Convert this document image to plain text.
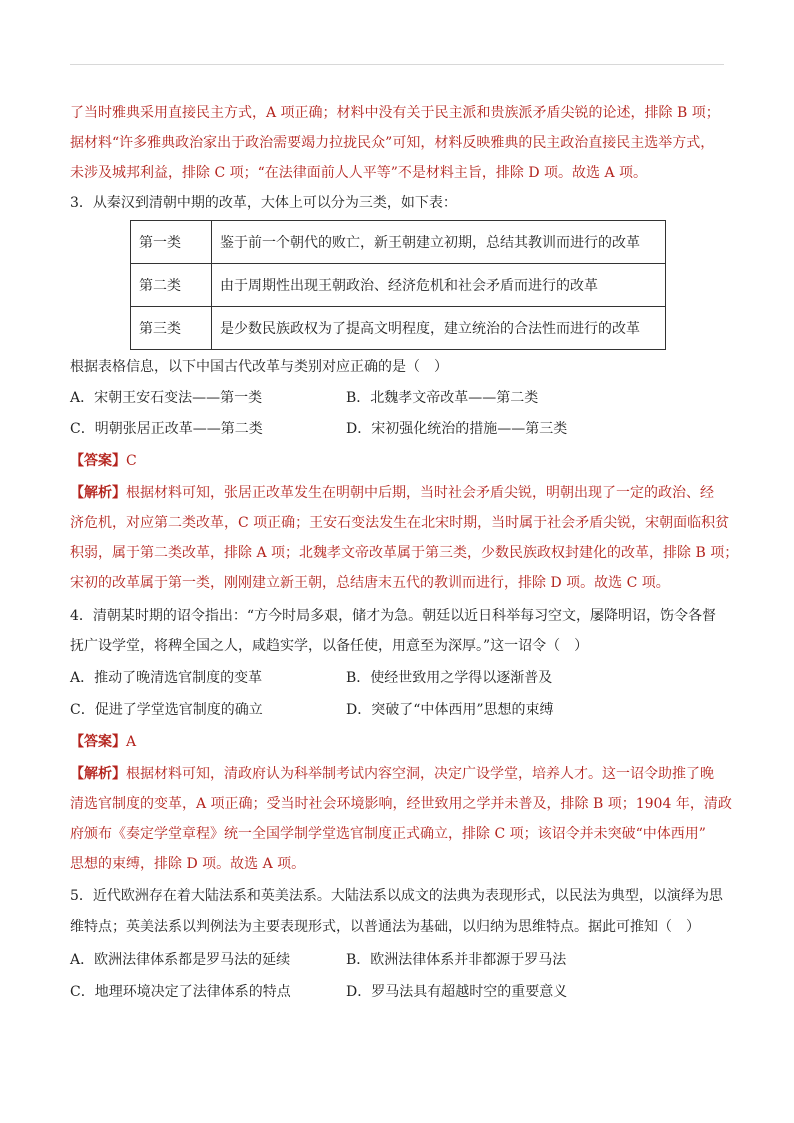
了当时雅典采用直接民主方式，A 项正确；材料中没有关于民主派和贵族派矛盾尖锐的论述，排除 B 项；
据材料“许多雅典政治家出于政治需要竭力拉拢民众”可知，材料反映雅典的民主政治直接民主选举方式，
未涉及城邦利益，排除 C 项；“在法律面前人人平等”不是材料主旨，排除 D 项。故选 A 项。
3．从秦汉到清朝中期的改革，大体上可以分为三类，如下表：
第一类	鉴于前一个朝代的败亡，新王朝建立初期，总结其教训而进行的改革
第二类	由于周期性出现王朝政治、经济危机和社会矛盾而进行的改革
第三类	是少数民族政权为了提高文明程度，建立统治的合法性而进行的改革
根据表格信息，以下中国古代改革与类别对应正确的是（　）
A．宋朝王安石变法——第一类	B．北魏孝文帝改革——第二类
C．明朝张居正改革——第二类	D．宋初强化统治的措施——第三类
【答案】C
【解析】根据材料可知，张居正改革发生在明朝中后期，当时社会矛盾尖锐，明朝出现了一定的政治、经
济危机，对应第二类改革，C 项正确；王安石变法发生在北宋时期，当时属于社会矛盾尖锐，宋朝面临积贫
积弱，属于第二类改革，排除 A 项；北魏孝文帝改革属于第三类，少数民族政权封建化的改革，排除 B 项；
宋初的改革属于第一类，刚刚建立新王朝，总结唐末五代的教训而进行，排除 D 项。故选 C 项。
4．清朝某时期的诏令指出：“方今时局多艰，储才为急。朝廷以近日科举每习空文，屡降明诏，饬令各督
抚广设学堂，将稗全国之人，咸趋实学，以备任使，用意至为深厚。”这一诏令（　）
A．推动了晚清选官制度的变革	B．使经世致用之学得以逐渐普及
C．促进了学堂选官制度的确立	D．突破了“中体西用”思想的束缚
【答案】A
【解析】根据材料可知，清政府认为科举制考试内容空洞，决定广设学堂，培养人才。这一诏令助推了晚
清选官制度的变革，A 项正确；受当时社会环境影响，经世致用之学并未普及，排除 B 项；1904 年，清政
府颁布《奏定学堂章程》统一全国学制学堂选官制度正式确立，排除 C 项；该诏令并未突破“中体西用”
思想的束缚，排除 D 项。故选 A 项。
5．近代欧洲存在着大陆法系和英美法系。大陆法系以成文的法典为表现形式，以民法为典型，以演绎为思
维特点；英美法系以判例法为主要表现形式，以普通法为基础，以归纳为思维特点。据此可推知（　）
A．欧洲法律体系都是罗马法的延续	B．欧洲法律体系并非都源于罗马法
C．地理环境决定了法律体系的特点	D．罗马法具有超越时空的重要意义
